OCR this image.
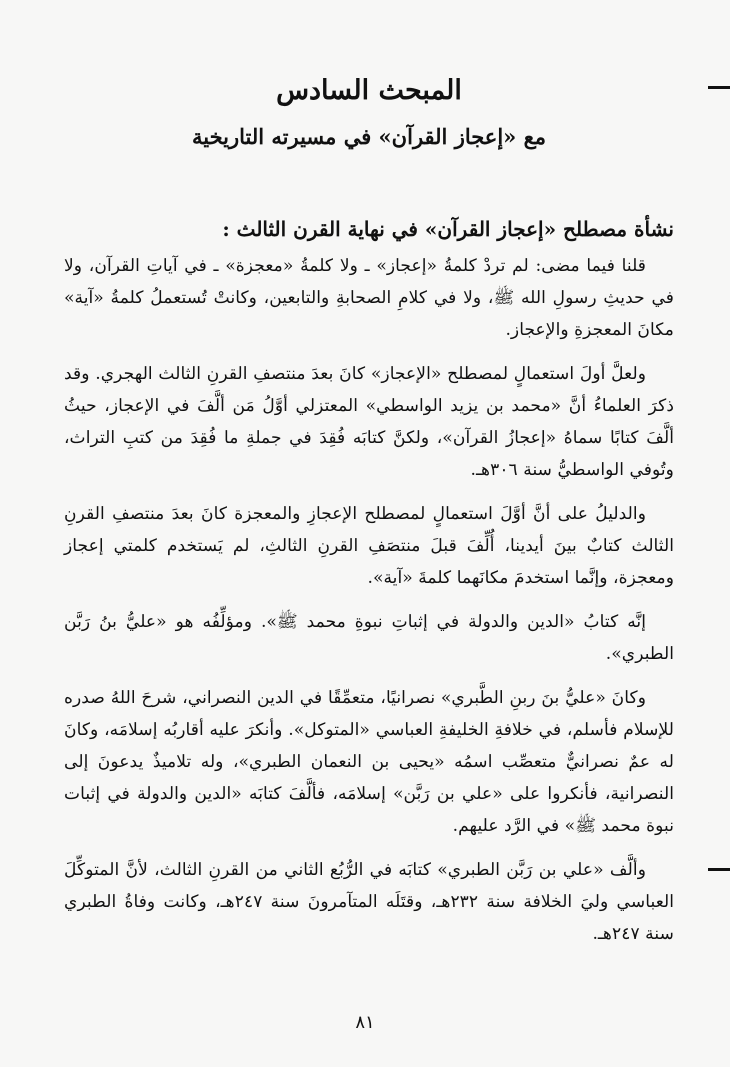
المبحث السادس
مع «إعجاز القرآن» في مسيرته التاريخية
نشأة مصطلح «إعجاز القرآن» في نهاية القرن الثالث :

قلنا فيما مضى: لم تردْ كلمةُ «إعجاز» ـ ولا كلمةُ «معجزة» ـ في آياتِ القرآن، ولا في حديثِ رسولِ الله ﷺ، ولا في كلامِ الصحابةِ والتابعين، وكانتْ تُستعملُ كلمةُ «آية» مكانَ المعجزةِ والإعجاز.

ولعلَّ أولَ استعمالٍ لمصطلح «الإعجاز» كانَ بعدَ منتصفِ القرنِ الثالث الهجري. وقد ذكرَ العلماءُ أنَّ «محمد بن يزيد الواسطي» المعتزلي أوَّلُ مَن ألَّفَ في الإعجاز، حيثُ ألَّفَ كتابًا سماهُ «إعجازُ القرآن»، ولكنَّ كتابَه فُقِدَ في جملةِ ما فُقِدَ من كتبِ التراث، وتُوفي الواسطيُّ سنة ٣٠٦هـ.

والدليلُ على أنَّ أوَّلَ استعمالٍ لمصطلح الإعجازِ والمعجزة كانَ بعدَ منتصفِ القرنِ الثالث كتابٌ بينَ أيدينا، أُلِّفَ قبلَ منتصَفِ القرنِ الثالثِ، لم يَستخدم كلمتي إعجاز ومعجزة، وإنَّما استخدمَ مكانَهما كلمةَ «آية».

إنَّه كتابُ «الدين والدولة في إثباتِ نبوةِ محمد ﷺ». ومؤلِّفُه هو «عليُّ بنُ رَبَّن الطبري».

وكانَ «عليُّ بنَ ربنِ الطَّبري» نصرانيًا، متعمِّقًا في الدين النصراني، شرحَ اللهُ صدره للإسلام فأسلم، في خلافةِ الخليفةِ العباسي «المتوكل». وأنكرَ عليه أقاربُه إسلامَه، وكانَ له عمٌ نصرانيٌّ متعصِّب اسمُه «يحيى بن النعمان الطبري»، وله تلاميذٌ يدعونَ إلى النصرانية، فأنكروا على «علي بن رَبَّن» إسلامَه، فألَّفَ كتابَه «الدين والدولة في إثبات نبوة محمد ﷺ» في الرَّد عليهم.

وألَّف «علي بن رَبَّن الطبري» كتابَه في الرُّبُع الثاني من القرنِ الثالث، لأنَّ المتوكِّلَ العباسي وليَ الخلافة سنة ٢٣٢هـ، وقتَلَه المتآمرونَ سنة ٢٤٧هـ، وكانت وفاةُ الطبري سنة ٢٤٧هـ.

٨١
